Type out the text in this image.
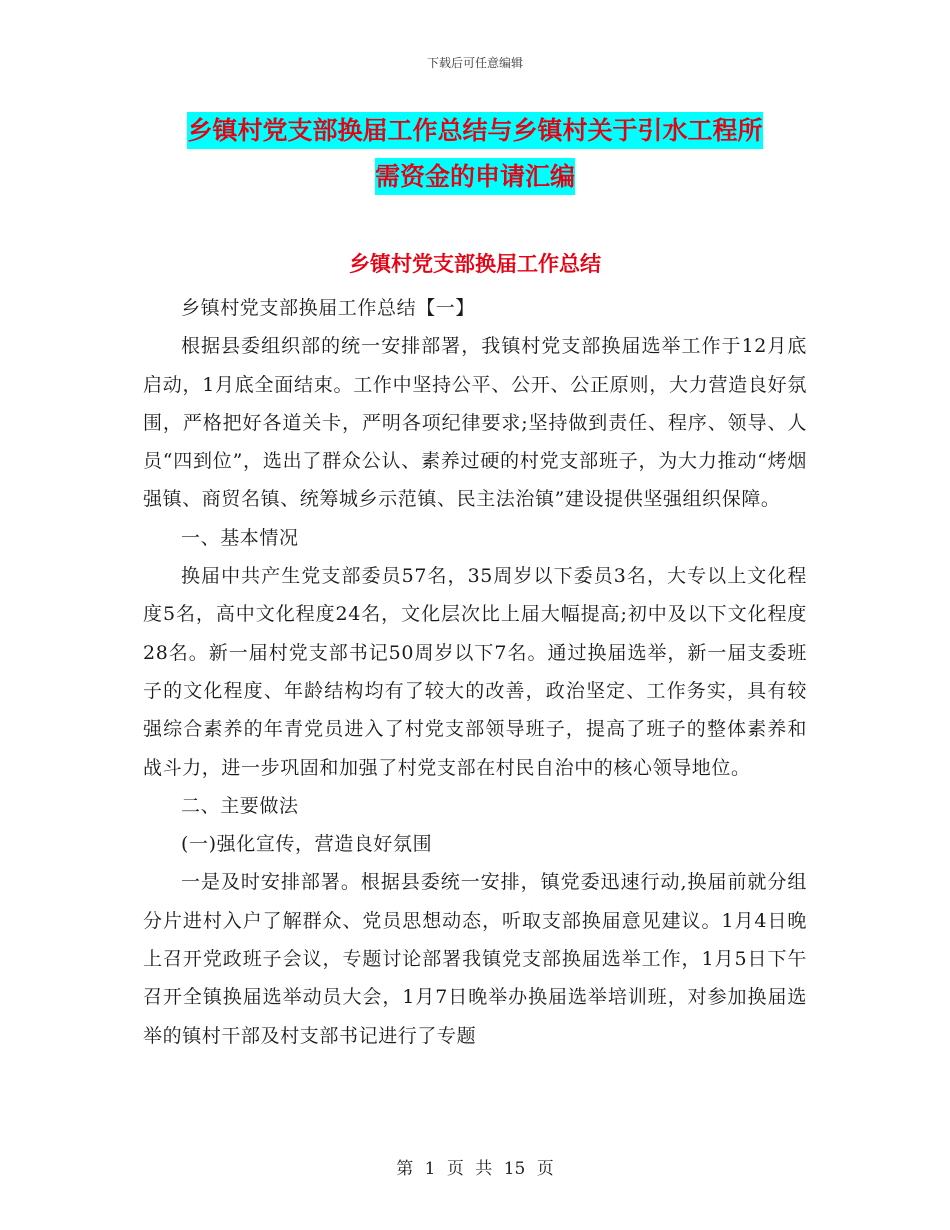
下载后可任意编辑
乡镇村党支部换届工作总结与乡镇村关于引水工程所
需资金的申请汇编
乡镇村党支部换届工作总结

乡镇村党支部换届工作总结【一】

根据县委组织部的统一安排部署，我镇村党支部换届选举工作于12月底启动，1月底全面结束。工作中坚持公平、公开、公正原则，大力营造良好氛围，严格把好各道关卡，严明各项纪律要求;坚持做到责任、程序、领导、人员“四到位”，选出了群众公认、素养过硬的村党支部班子，为大力推动“烤烟强镇、商贸名镇、统筹城乡示范镇、民主法治镇”建设提供坚强组织保障。

一、基本情况

换届中共产生党支部委员57名，35周岁以下委员3名，大专以上文化程度5名，高中文化程度24名，文化层次比上届大幅提高;初中及以下文化程度28名。新一届村党支部书记50周岁以下7名。通过换届选举，新一届支委班子的文化程度、年龄结构均有了较大的改善，政治坚定、工作务实，具有较强综合素养的年青党员进入了村党支部领导班子，提高了班子的整体素养和战斗力，进一步巩固和加强了村党支部在村民自治中的核心领导地位。

二、主要做法

(一)强化宣传，营造良好氛围

一是及时安排部署。根据县委统一安排，镇党委迅速行动,换届前就分组分片进村入户了解群众、党员思想动态，听取支部换届意见建议。1月4日晚上召开党政班子会议，专题讨论部署我镇党支部换届选举工作，1月5日下午召开全镇换届选举动员大会，1月7日晚举办换届选举培训班，对参加换届选举的镇村干部及村支部书记进行了专题

第 1 页 共 15 页
